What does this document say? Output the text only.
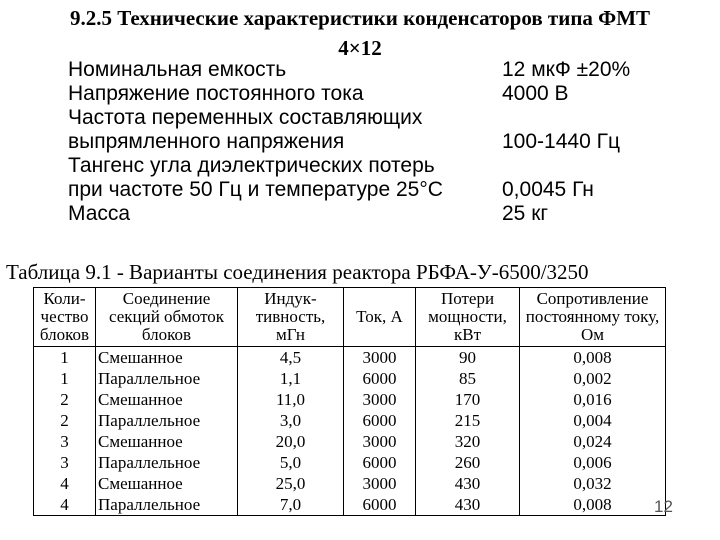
9.2.5 Технические характеристики конденсаторов типа ФМТ
4×12
Номинальная емкость	12 мкФ ±20%
Напряжение постоянного тока	4000 В
Частота переменных составляющих
выпрямленного напряжения	100-1440 Гц
Тангенс угла диэлектрических потерь
при частоте 50 Гц и температуре 25°С	0,0045 Гн
Масса	25 кг
Таблица 9.1 - Варианты соединения реактора РБФА-У-6500/3250
Коли-чество блоков	Соединение секций обмоток блоков	Индук-тивность, мГн	Ток, А	Потери мощности, кВт	Сопротивление постоянному току, Ом
1	Смешанное	4,5	3000	90	0,008
1	Параллельное	1,1	6000	85	0,002
2	Смешанное	11,0	3000	170	0,016
2	Параллельное	3,0	6000	215	0,004
3	Смешанное	20,0	3000	320	0,024
3	Параллельное	5,0	6000	260	0,006
4	Смешанное	25,0	3000	430	0,032
4	Параллельное	7,0	6000	430	0,008 12
